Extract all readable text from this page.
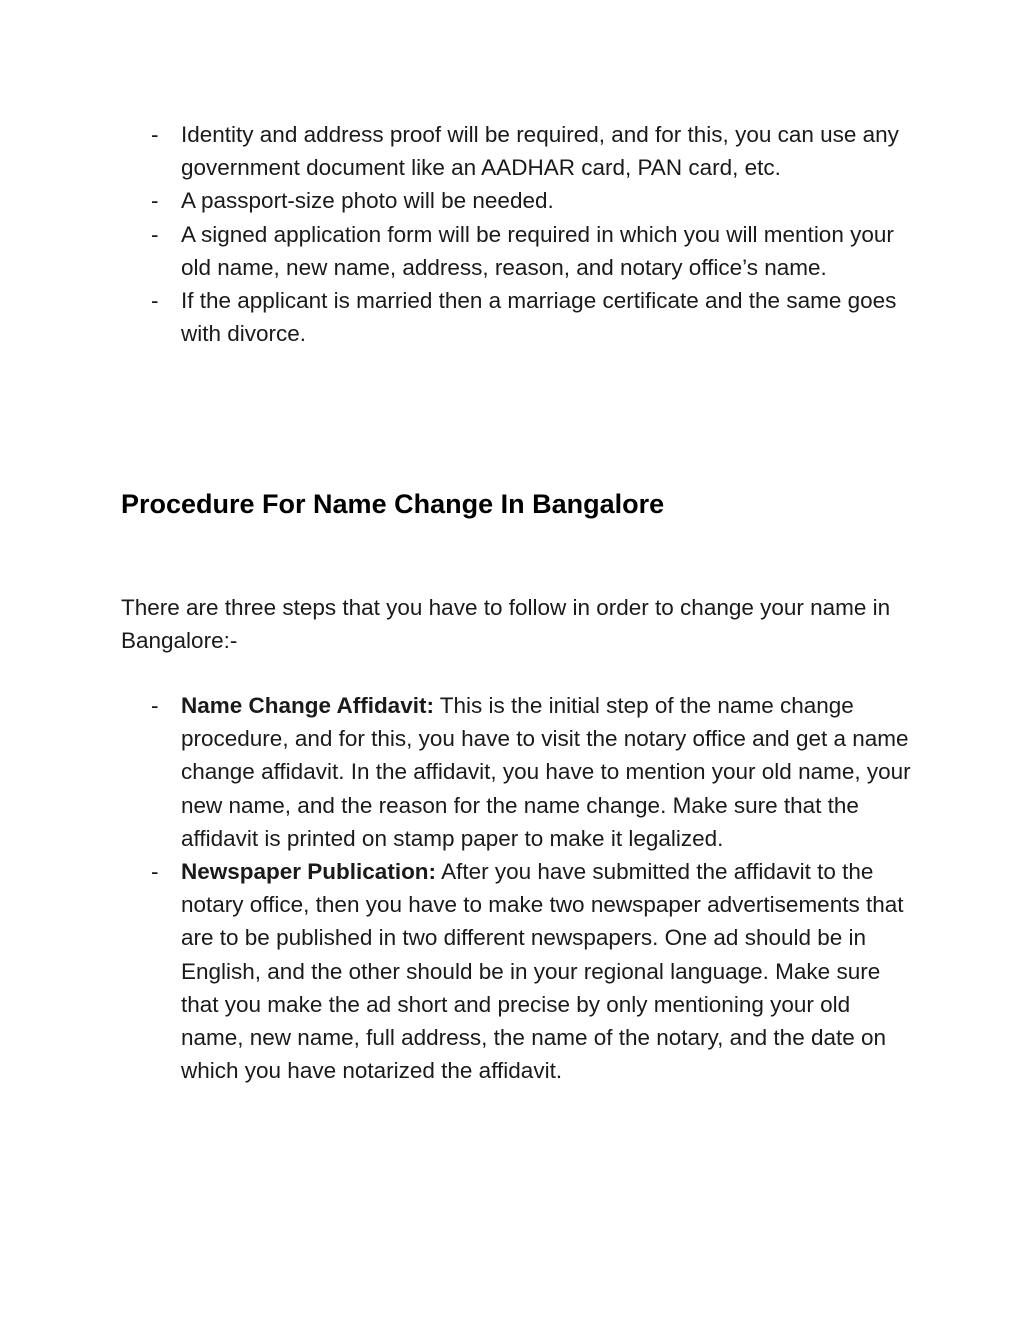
- Identity and address proof will be required, and for this, you can use any government document like an AADHAR card, PAN card, etc.
- A passport-size photo will be needed.
- A signed application form will be required in which you will mention your old name, new name, address, reason, and notary office’s name.
- If the applicant is married then a marriage certificate and the same goes with divorce.
Procedure For Name Change In Bangalore

There are three steps that you have to follow in order to change your name in Bangalore:-

- Name Change Affidavit: This is the initial step of the name change procedure, and for this, you have to visit the notary office and get a name change affidavit. In the affidavit, you have to mention your old name, your new name, and the reason for the name change. Make sure that the affidavit is printed on stamp paper to make it legalized.
- Newspaper Publication: After you have submitted the affidavit to the notary office, then you have to make two newspaper advertisements that are to be published in two different newspapers. One ad should be in English, and the other should be in your regional language. Make sure that you make the ad short and precise by only mentioning your old name, new name, full address, the name of the notary, and the date on which you have notarized the affidavit.
